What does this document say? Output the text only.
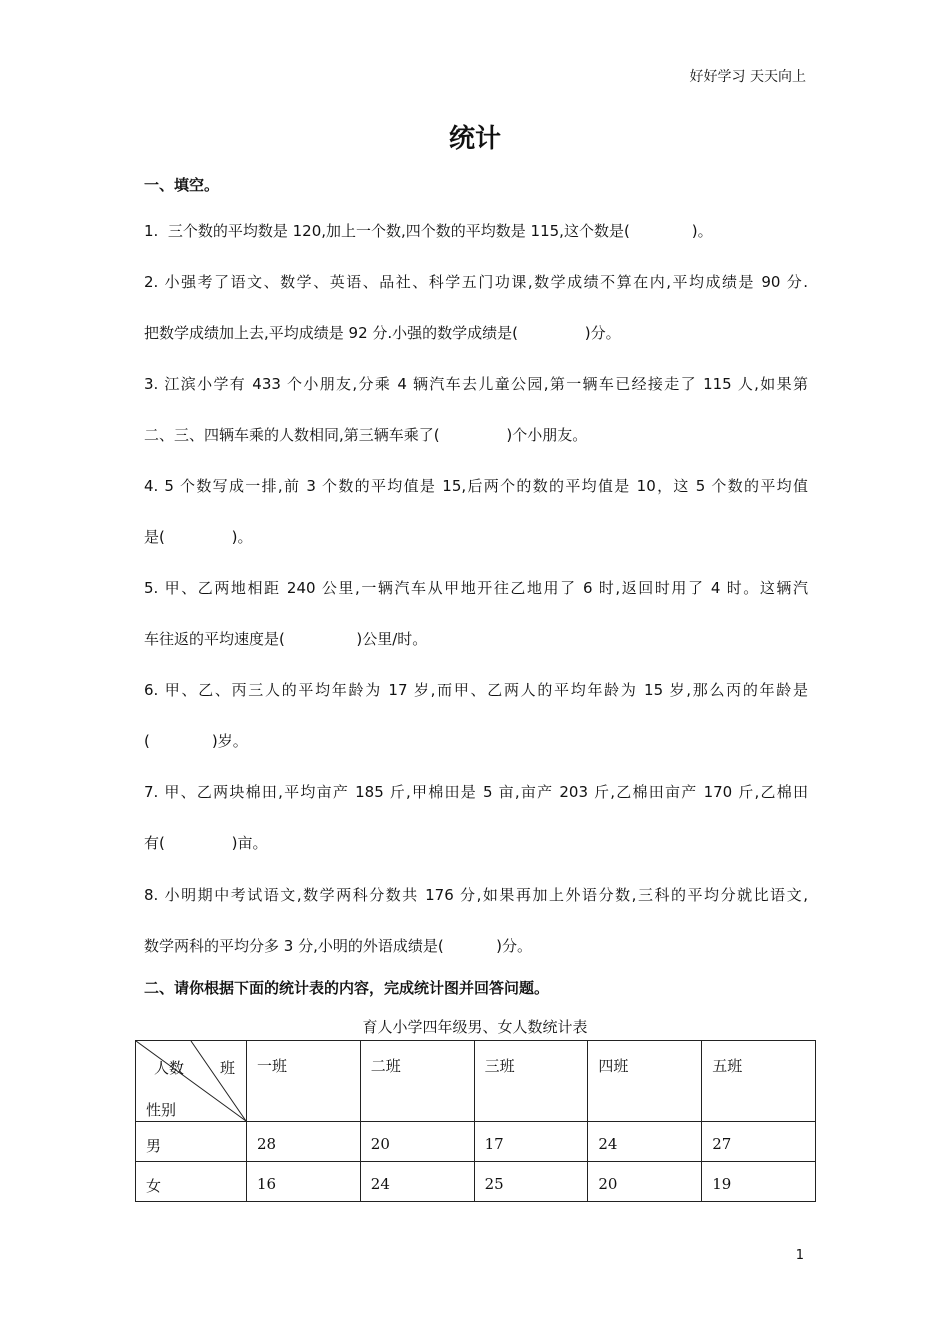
好好学习 天天向上
统计
一、填空。
1.  三个数的平均数是 120,加上一个数,四个数的平均数是 115,这个数是(             )。
2. 小强考了语文、数学、英语、品社、科学五门功课,数学成绩不算在内,平均成绩是 90 分.
把数学成绩加上去,平均成绩是 92 分.小强的数学成绩是(              )分。
3. 江滨小学有 433 个小朋友,分乘 4 辆汽车去儿童公园,第一辆车已经接走了 115 人,如果第
二、三、四辆车乘的人数相同,第三辆车乘了(              )个小朋友。
4. 5 个数写成一排,前 3 个数的平均值是 15,后两个的数的平均值是 10，这 5 个数的平均值
是(              )。
5. 甲、乙两地相距 240 公里,一辆汽车从甲地开往乙地用了 6 时,返回时用了 4 时。这辆汽
车往返的平均速度是(               )公里/时。
6. 甲、乙、丙三人的平均年龄为 17 岁,而甲、乙两人的平均年龄为 15 岁,那么丙的年龄是
(             )岁。
7. 甲、乙两块棉田,平均亩产 185 斤,甲棉田是 5 亩,亩产 203 斤,乙棉田亩产 170 斤,乙棉田
有(              )亩。
8. 小明期中考试语文,数学两科分数共 176 分,如果再加上外语分数,三科的平均分就比语文,
数学两科的平均分多 3 分,小明的外语成绩是(           )分。
二、请你根据下面的统计表的内容，完成统计图并回答问题。
育人小学四年级男、女人数统计表
人数 班
性别	一班	二班	三班	四班	五班
男	28	20	17	24	27
女	16	24	25	20	19
1
